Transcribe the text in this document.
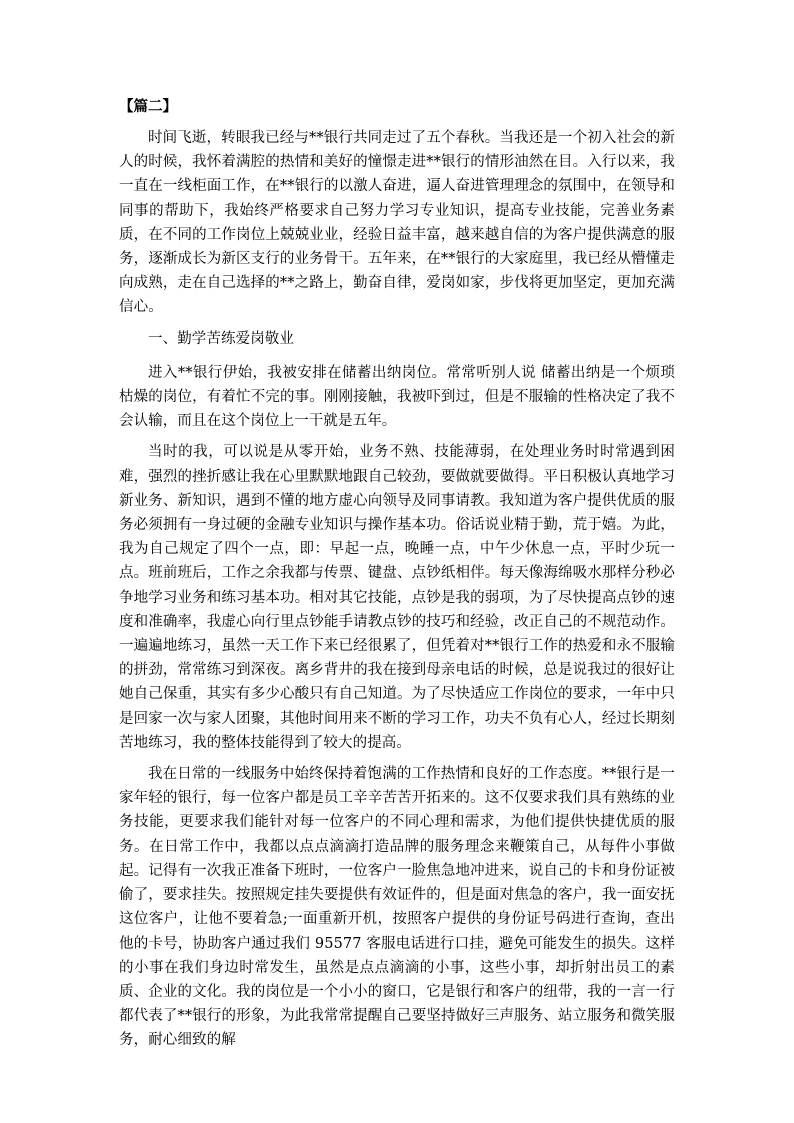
【篇二】

时间飞逝，转眼我已经与**银行共同走过了五个春秋。当我还是一个初入社会的新人的时候，我怀着满腔的热情和美好的憧憬走进**银行的情形油然在目。入行以来，我一直在一线柜面工作，在**银行的以激人奋进，逼人奋进管理理念的氛围中，在领导和同事的帮助下，我始终严格要求自己努力学习专业知识，提高专业技能，完善业务素质，在不同的工作岗位上兢兢业业，经验日益丰富，越来越自信的为客户提供满意的服务，逐渐成长为新区支行的业务骨干。五年来，在**银行的大家庭里，我已经从懵懂走向成熟，走在自己选择的**之路上，勤奋自律，爱岗如家，步伐将更加坚定，更加充满信心。

一、勤学苦练爱岗敬业

进入**银行伊始，我被安排在储蓄出纳岗位。常常听别人说 储蓄出纳是一个烦琐枯燥的岗位，有着忙不完的事。刚刚接触，我被吓到过，但是不服输的性格决定了我不会认输，而且在这个岗位上一干就是五年。

当时的我，可以说是从零开始，业务不熟、技能薄弱，在处理业务时时常遇到困难，强烈的挫折感让我在心里默默地跟自己较劲，要做就要做得。平日积极认真地学习新业务、新知识，遇到不懂的地方虚心向领导及同事请教。我知道为客户提供优质的服务必须拥有一身过硬的金融专业知识与操作基本功。俗话说业精于勤，荒于嬉。为此，我为自己规定了四个一点，即：早起一点，晚睡一点，中午少休息一点，平时少玩一点。班前班后，工作之余我都与传票、键盘、点钞纸相伴。每天像海绵吸水那样分秒必争地学习业务和练习基本功。相对其它技能，点钞是我的弱项，为了尽快提高点钞的速度和准确率，我虚心向行里点钞能手请教点钞的技巧和经验，改正自己的不规范动作。一遍遍地练习，虽然一天工作下来已经很累了，但凭着对**银行工作的热爱和永不服输的拼劲，常常练习到深夜。离乡背井的我在接到母亲电话的时候，总是说我过的很好让她自己保重，其实有多少心酸只有自己知道。为了尽快适应工作岗位的要求，一年中只是回家一次与家人团聚，其他时间用来不断的学习工作，功夫不负有心人，经过长期刻苦地练习，我的整体技能得到了较大的提高。

我在日常的一线服务中始终保持着饱满的工作热情和良好的工作态度。**银行是一家年轻的银行，每一位客户都是员工辛辛苦苦开拓来的。这不仅要求我们具有熟练的业务技能，更要求我们能针对每一位客户的不同心理和需求，为他们提供快捷优质的服务。在日常工作中，我都以点点滴滴打造品牌的服务理念来鞭策自己，从每件小事做起。记得有一次我正准备下班时，一位客户一脸焦急地冲进来，说自己的卡和身份证被偷了，要求挂失。按照规定挂失要提供有效证件的，但是面对焦急的客户，我一面安抚这位客户，让他不要着急;一面重新开机，按照客户提供的身份证号码进行查询，查出他的卡号，协助客户通过我们 95577 客服电话进行口挂，避免可能发生的损失。这样的小事在我们身边时常发生，虽然是点点滴滴的小事，这些小事，却折射出员工的素质、企业的文化。我的岗位是一个小小的窗口，它是银行和客户的纽带，我的一言一行都代表了**银行的形象，为此我常常提醒自己要坚持做好三声服务、站立服务和微笑服务，耐心细致的解
